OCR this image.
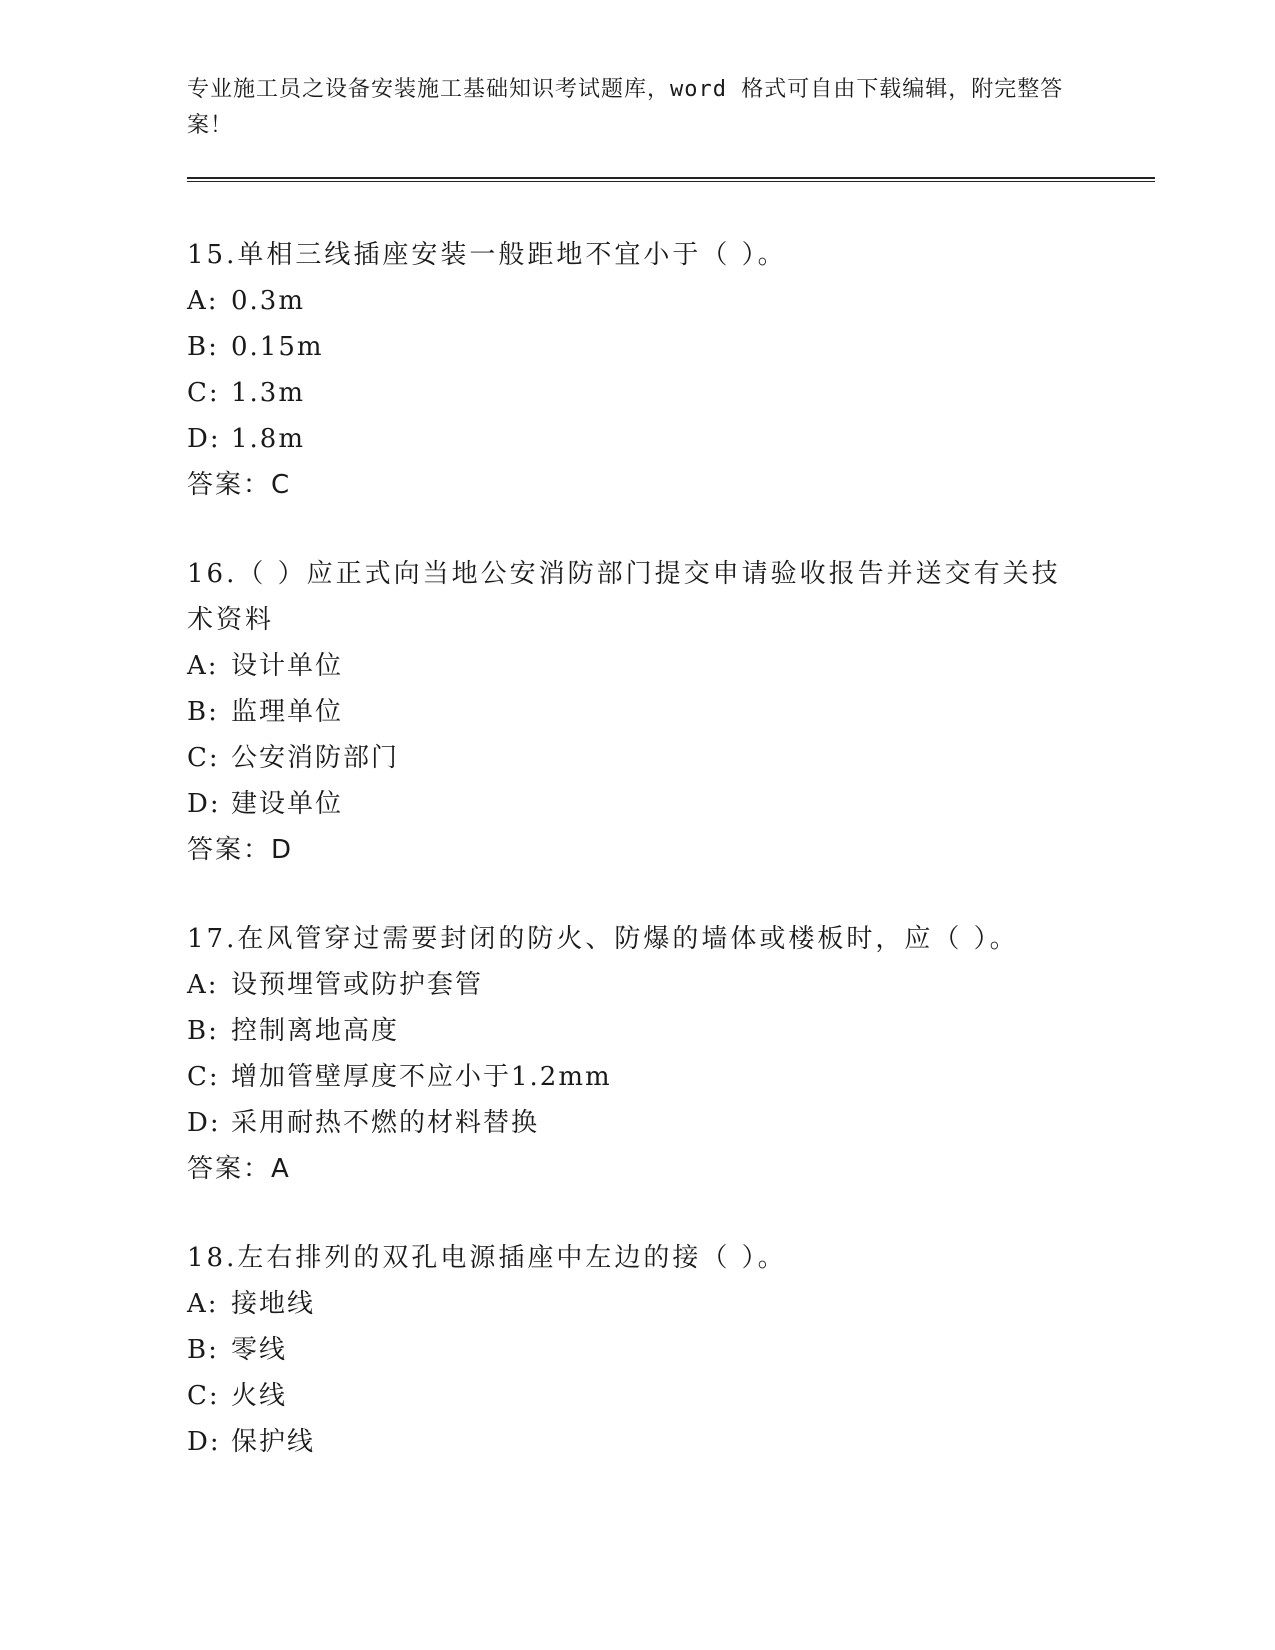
专业施工员之设备安装施工基础知识考试题库，word 格式可自由下载编辑，附完整答案！

15.单相三线插座安装一般距地不宜小于（ ）。

A: 0.3m

B: 0.15m

C: 1.3m

D: 1.8m

答案：C

16.（ ）应正式向当地公安消防部门提交申请验收报告并送交有关技术资料

A: 设计单位

B: 监理单位

C: 公安消防部门

D: 建设单位

答案：D

17.在风管穿过需要封闭的防火、防爆的墙体或楼板时，应（ ）。

A: 设预埋管或防护套管

B: 控制离地高度

C: 增加管壁厚度不应小于1.2mm

D: 采用耐热不燃的材料替换

答案：A

18.左右排列的双孔电源插座中左边的接（ ）。

A: 接地线

B: 零线

C: 火线

D: 保护线
